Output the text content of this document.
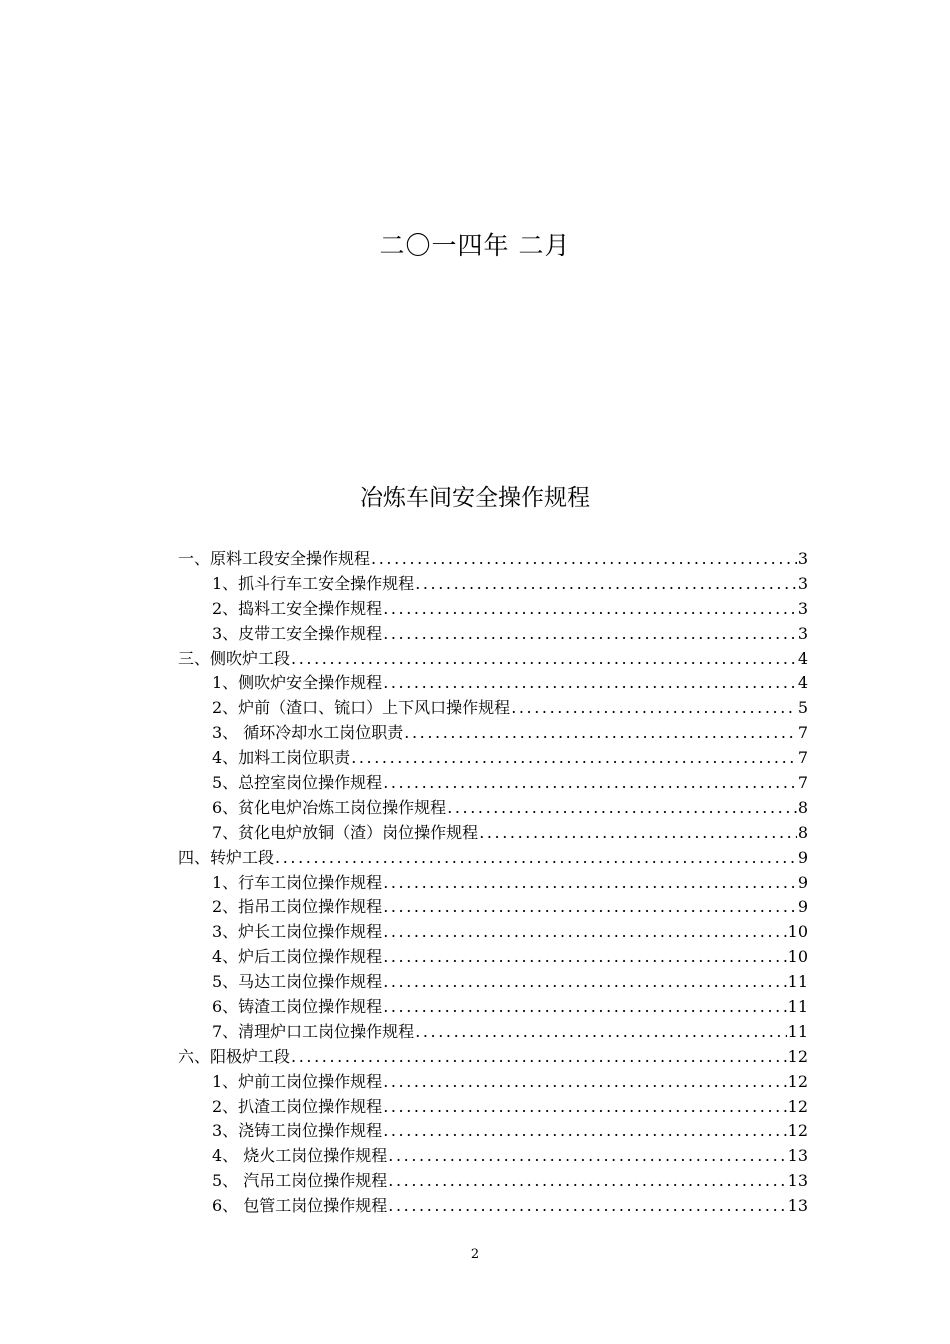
二〇一四年 二月
冶炼车间安全操作规程
一、原料工段安全操作规程 .....	3
1、抓斗行车工安全操作规程 .....	3
2、捣料工安全操作规程 .....	3
3、皮带工安全操作规程 .....	3
三、侧吹炉工段 .....	4
1、侧吹炉安全操作规程 .....	4
2、炉前（渣口、锍口）上下风口操作规程 .....	5
3、 循环冷却水工岗位职责 .....	7
4、加料工岗位职责 .....	7
5、总控室岗位操作规程 .....	7
6、贫化电炉冶炼工岗位操作规程 .....	8
7、贫化电炉放铜（渣）岗位操作规程 .....	8
四、转炉工段 .....	9
1、行车工岗位操作规程 .....	9
2、指吊工岗位操作规程 .....	9
3、炉长工岗位操作规程 .....	10
4、炉后工岗位操作规程 .....	10
5、马达工岗位操作规程 .....	11
6、铸渣工岗位操作规程 .....	11
7、清理炉口工岗位操作规程 .....	11
六、阳极炉工段 .....	12
1、炉前工岗位操作规程 .....	12
2、扒渣工岗位操作规程 .....	12
3、浇铸工岗位操作规程 .....	12
4、 烧火工岗位操作规程 .....	13
5、 汽吊工岗位操作规程 .....	13
6、 包管工岗位操作规程 .....	13
2
